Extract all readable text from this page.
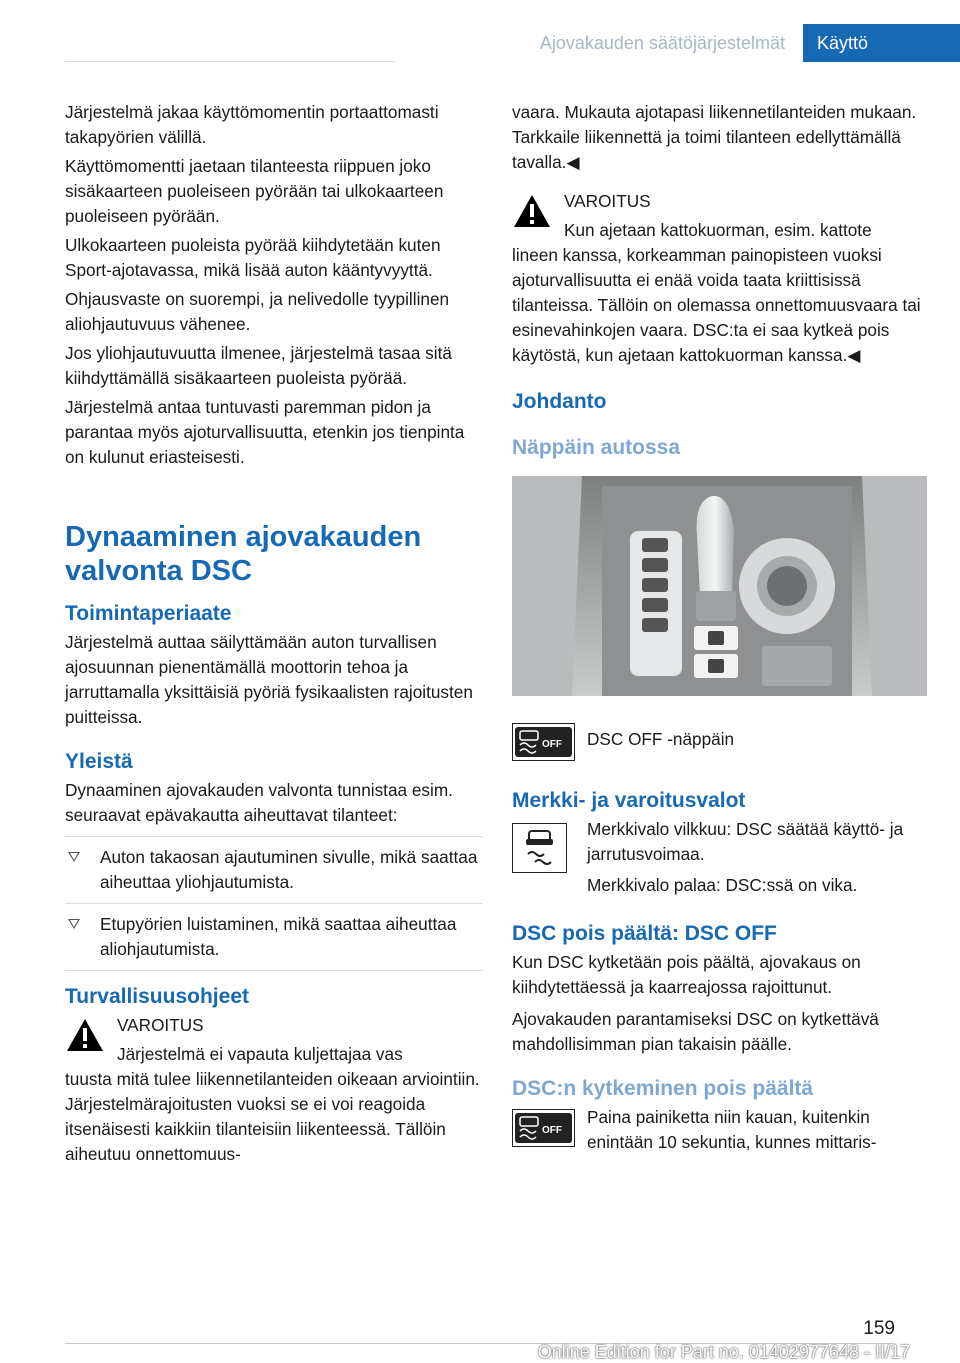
Ajovakauden säätöjärjestelmät	Käyttö

Järjestelmä jakaa käyttömomentin portaattomasti takapyörien välillä.

Käyttömomentti jaetaan tilanteesta riippuen joko sisäkaarteen puoleiseen pyörään tai ulkokaarteen puoleiseen pyörään.

Ulkokaarteen puoleista pyörää kiihdytetään kuten Sport-ajotavassa, mikä lisää auton kääntyvyyttä.

Ohjausvaste on suorempi, ja nelivedolle tyypillinen aliohjautuvuus vähenee.

Jos yliohjautuvuutta ilmenee, järjestelmä tasaa sitä kiihdyttämällä sisäkaarteen puoleista pyörää.

Järjestelmä antaa tuntuvasti paremman pidon ja parantaa myös ajoturvallisuutta, etenkin jos tienpinta on kulunut eriasteisesti.

Dynaaminen ajovakauden valvonta DSC
Toimintaperiaate

Järjestelmä auttaa säilyttämään auton turvallisen ajosuunnan pienentämällä moottorin tehoa ja jarruttamalla yksittäisiä pyöriä fysikaalisten rajoitusten puitteissa.

Yleistä

Dynaaminen ajovakauden valvonta tunnistaa esim. seuraavat epävakautta aiheuttavat tilanteet:

Auton takaosan ajautuminen sivulle, mikä saattaa aiheuttaa yliohjautumista.
Etupyörien luistaminen, mikä saattaa aiheuttaa aliohjautumista.
Turvallisuusohjeet

VAROITUS

Järjestelmä ei vapauta kuljettajaa vas

tuusta mitä tulee liikennetilanteiden oikeaan arviointiin. Järjestelmärajoitusten vuoksi se ei voi reagoida itsenäisesti kaikkiin tilanteisiin liikenteessä. Tällöin aiheutuu onnettomuus-

vaara. Mukauta ajotapasi liikennetilanteiden mukaan. Tarkkaile liikennettä ja toimi tilanteen edellyttämällä tavalla.◀

VAROITUS

Kun ajetaan kattokuorman, esim. kattote

lineen kanssa, korkeamman painopisteen vuoksi ajoturvallisuutta ei enää voida taata kriittisissä tilanteissa. Tällöin on olemassa onnettomuusvaara tai esinevahinkojen vaara. DSC:ta ei saa kytkeä pois käytöstä, kun ajetaan kattokuorman kanssa.◀

Johdanto
Näppäin autossa
OFF	DSC OFF -näppäin

Merkki- ja varoitusvalot

Merkkivalo vilkkuu: DSC säätää käyttö- ja jarrutusvoimaa.

Merkkivalo palaa: DSC:ssä on vika.

DSC pois päältä: DSC OFF

Kun DSC kytketään pois päältä, ajovakaus on kiihdytettäessä ja kaarreajossa rajoittunut.

Ajovakauden parantamiseksi DSC on kytkettävä mahdollisimman pian takaisin päälle.

DSC:n kytkeminen pois päältä
OFF

Paina painiketta niin kauan, kuitenkin enintään 10 sekuntia, kunnes mittaris-

159
Online Edition for Part no. 01402977648 - II/17
